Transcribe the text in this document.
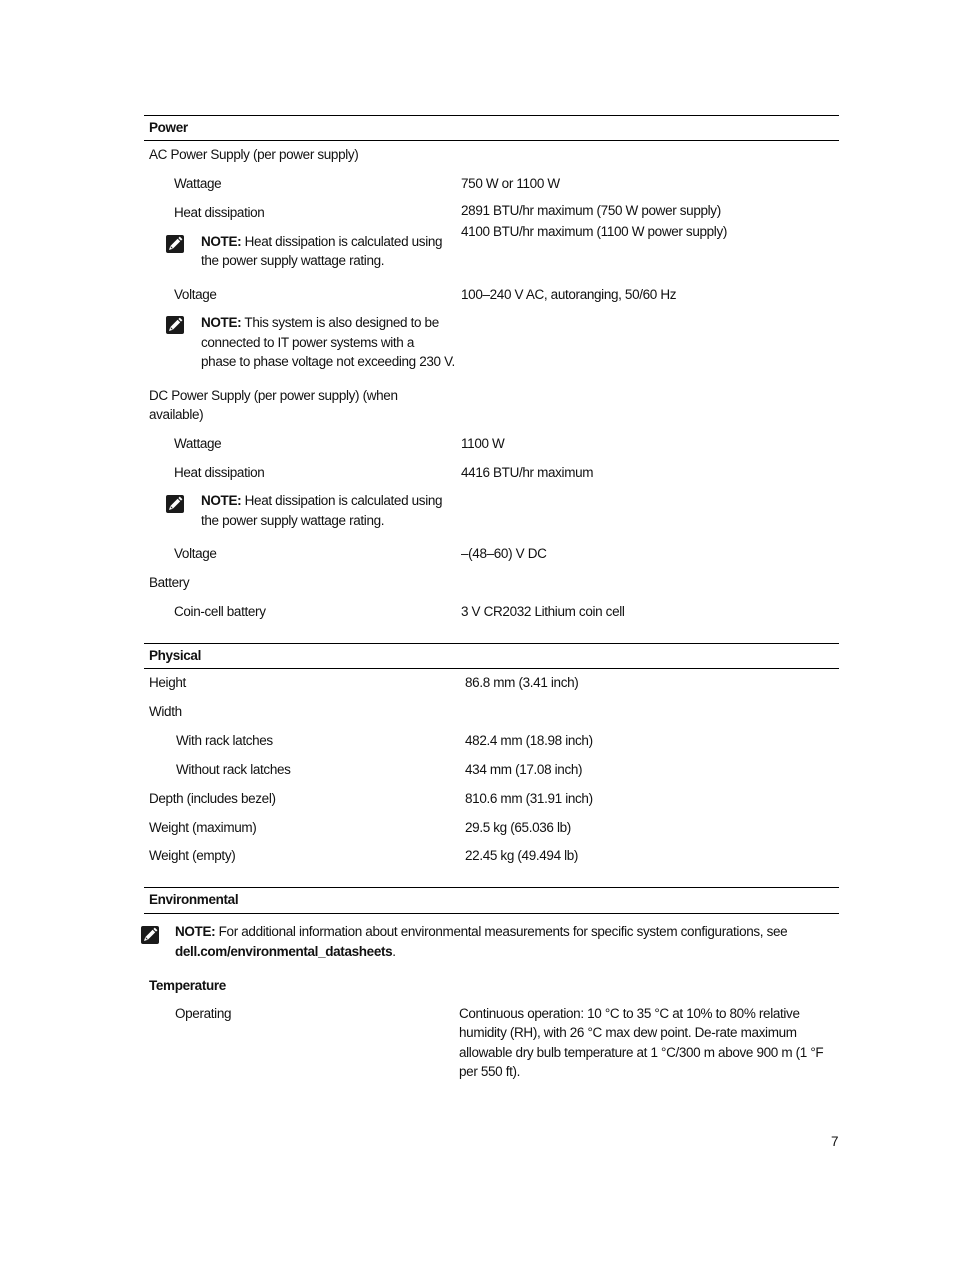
Power
AC Power Supply (per power supply)
Wattage	750 W or 1100 W
Heat dissipation	2891 BTU/hr maximum (750 W power supply)
4100 BTU/hr maximum (1100 W power supply)
NOTE: Heat dissipation is calculated using
the power supply wattage rating.
Voltage	100–240 V AC, autoranging, 50/60 Hz
NOTE: This system is also designed to be
connected to IT power systems with a
phase to phase voltage not exceeding 230 V.
DC Power Supply (per power supply) (when
available)
Wattage	1100 W
Heat dissipation	4416 BTU/hr maximum
NOTE: Heat dissipation is calculated using
the power supply wattage rating.
Voltage	–(48–60) V DC
Battery
Coin-cell battery	3 V CR2032 Lithium coin cell
Physical
Height	86.8 mm (3.41 inch)
Width
With rack latches	482.4 mm (18.98 inch)
Without rack latches	434 mm (17.08 inch)
Depth (includes bezel)	810.6 mm (31.91 inch)
Weight (maximum)	29.5 kg (65.036 lb)
Weight (empty)	22.45 kg (49.494 lb)
Environmental
NOTE: For additional information about environmental measurements for specific system configurations, see
dell.com/environmental_datasheets.
Temperature
Operating	Continuous operation: 10 °C to 35 °C at 10% to 80% relative
humidity (RH), with 26 °C max dew point. De-rate maximum
allowable dry bulb temperature at 1 °C/300 m above 900 m (1 °F
per 550 ft).
7
